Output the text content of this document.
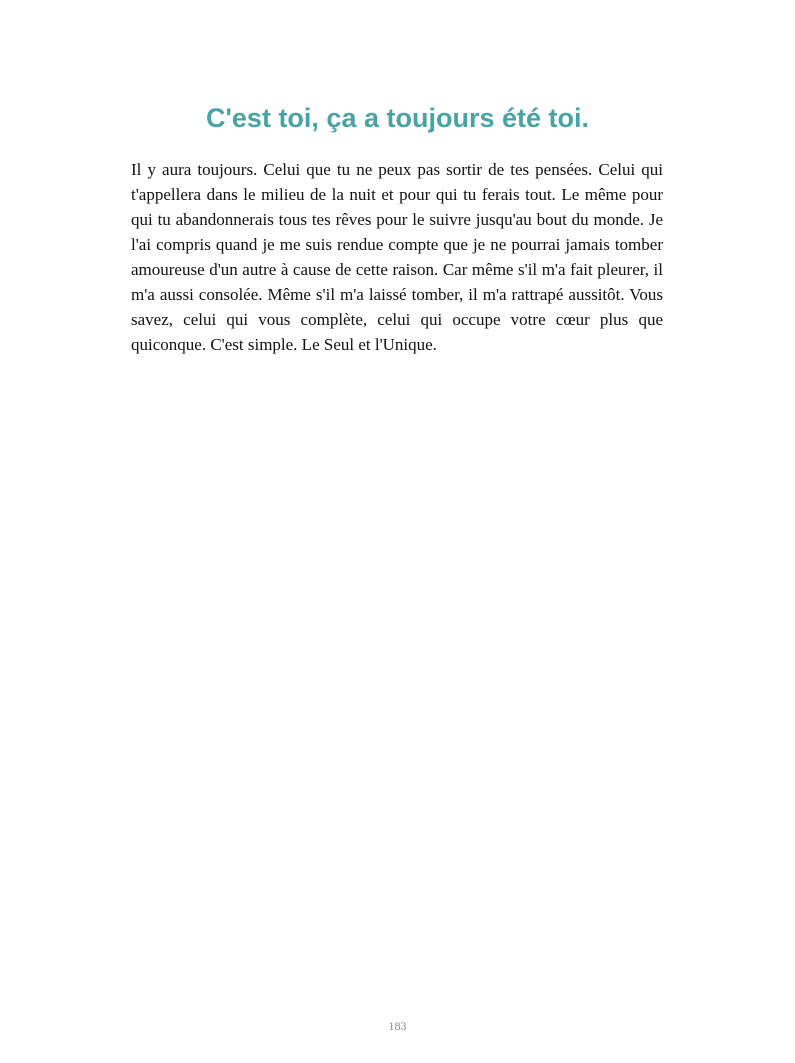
C'est toi, ça a toujours été toi.

Il y aura toujours. Celui que tu ne peux pas sortir de tes pensées. Celui qui t'appellera dans le milieu de la nuit et pour qui tu ferais tout. Le même pour qui tu abandonnerais tous tes rêves pour le suivre jusqu'au bout du monde. Je l'ai compris quand je me suis rendue compte que je ne pourrai jamais tomber amoureuse d'un autre à cause de cette raison. Car même s'il m'a fait pleurer, il m'a aussi consolée. Même s'il m'a laissé tomber, il m'a rattrapé aussitôt. Vous savez, celui qui vous complète, celui qui occupe votre cœur plus que quiconque. C'est simple. Le Seul et l'Unique.

183
